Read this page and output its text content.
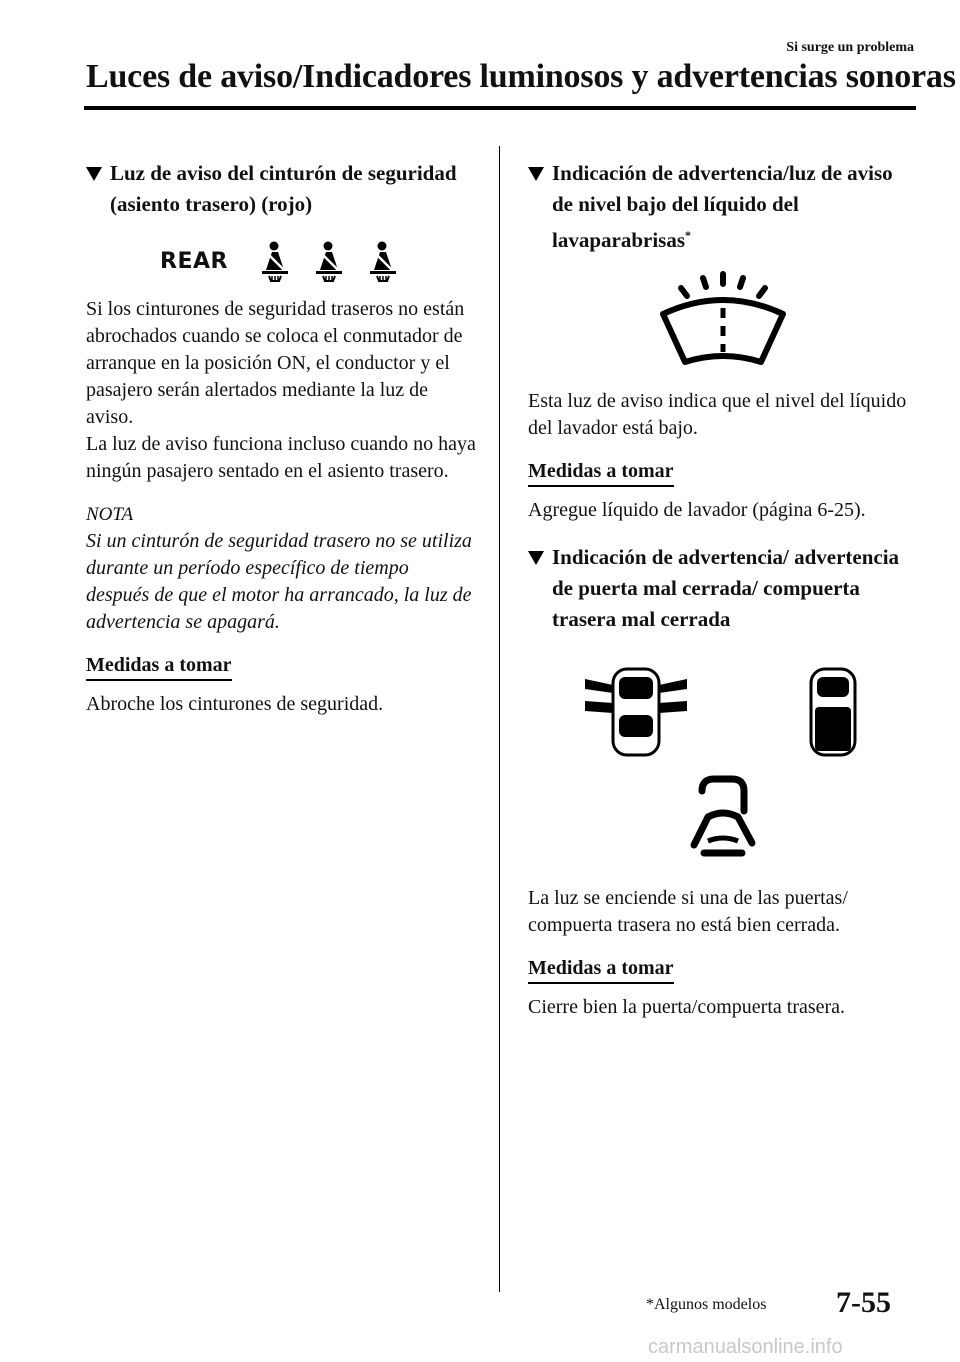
Si surge un problema
Luces de aviso/Indicadores luminosos y advertencias sonoras
Luz de aviso del cinturón de seguridad (asiento trasero) (rojo)
REAR

Si los cinturones de seguridad traseros no están abrochados cuando se coloca el conmutador de arranque en la posición ON, el conductor y el pasajero serán alertados mediante la luz de aviso.

La luz de aviso funciona incluso cuando no haya ningún pasajero sentado en el asiento trasero.

NOTA

Si un cinturón de seguridad trasero no se utiliza durante un período específico de tiempo después de que el motor ha arrancado, la luz de advertencia se apagará.

Medidas a tomar

Abroche los cinturones de seguridad.

Indicación de advertencia/luz de aviso de nivel bajo del líquido del lavaparabrisas*

Esta luz de aviso indica que el nivel del líquido del lavador está bajo.

Medidas a tomar

Agregue líquido de lavador (página 6-25).

Indicación de advertencia/ advertencia de puerta mal cerrada/ compuerta trasera mal cerrada

La luz se enciende si una de las puertas/ compuerta trasera no está bien cerrada.

Medidas a tomar

Cierre bien la puerta/compuerta trasera.

*Algunos modelos 7-55
carmanualsonline.info
